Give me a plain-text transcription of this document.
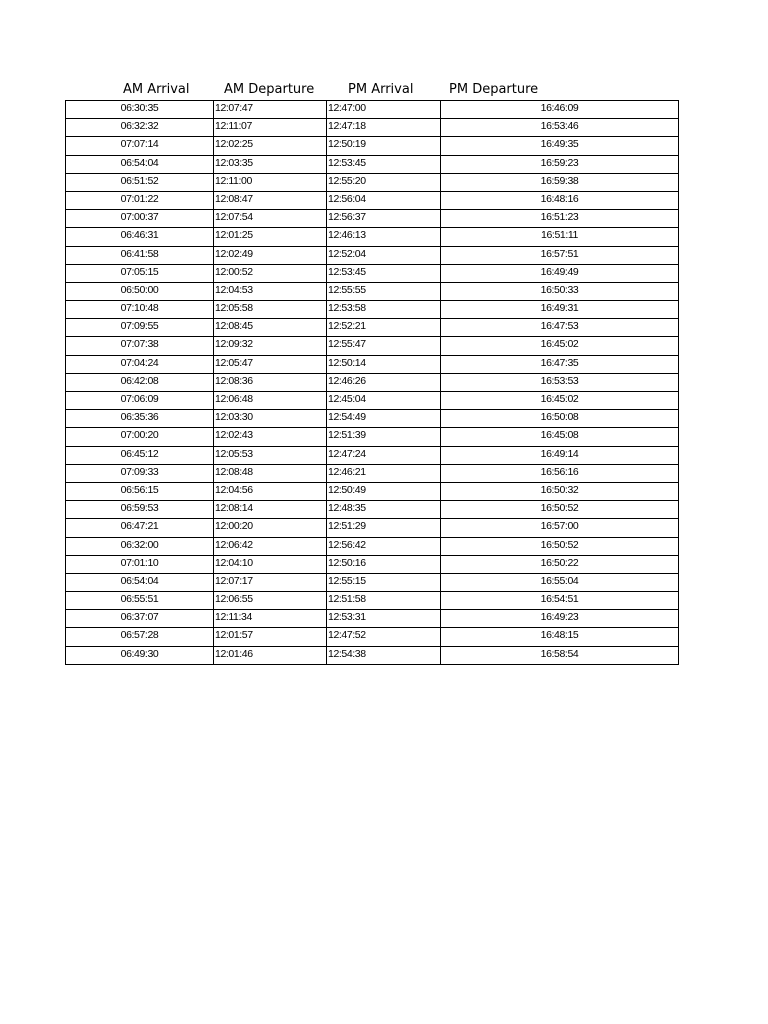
AM Arrival	AM Departure	PM Arrival	PM Departure
06:30:35	12:07:47	12:47:00	16:46:09
06:32:32	12:11:07	12:47:18	16:53:46
07:07:14	12:02:25	12:50:19	16:49:35
06:54:04	12:03:35	12:53:45	16:59:23
06:51:52	12:11:00	12:55:20	16:59:38
07:01:22	12:08:47	12:56:04	16:48:16
07:00:37	12:07:54	12:56:37	16:51:23
06:46:31	12:01:25	12:46:13	16:51:11
06:41:58	12:02:49	12:52:04	16:57:51
07:05:15	12:00:52	12:53:45	16:49:49
06:50:00	12:04:53	12:55:55	16:50:33
07:10:48	12:05:58	12:53:58	16:49:31
07:09:55	12:08:45	12:52:21	16:47:53
07:07:38	12:09:32	12:55:47	16:45:02
07:04:24	12:05:47	12:50:14	16:47:35
06:42:08	12:08:36	12:46:26	16:53:53
07:06:09	12:06:48	12:45:04	16:45:02
06:35:36	12:03:30	12:54:49	16:50:08
07:00:20	12:02:43	12:51:39	16:45:08
06:45:12	12:05:53	12:47:24	16:49:14
07:09:33	12:08:48	12:46:21	16:56:16
06:56:15	12:04:56	12:50:49	16:50:32
06:59:53	12:08:14	12:48:35	16:50:52
06:47:21	12:00:20	12:51:29	16:57:00
06:32:00	12:06:42	12:56:42	16:50:52
07:01:10	12:04:10	12:50:16	16:50:22
06:54:04	12:07:17	12:55:15	16:55:04
06:55:51	12:06:55	12:51:58	16:54:51
06:37:07	12:11:34	12:53:31	16:49:23
06:57:28	12:01:57	12:47:52	16:48:15
06:49:30	12:01:46	12:54:38	16:58:54
